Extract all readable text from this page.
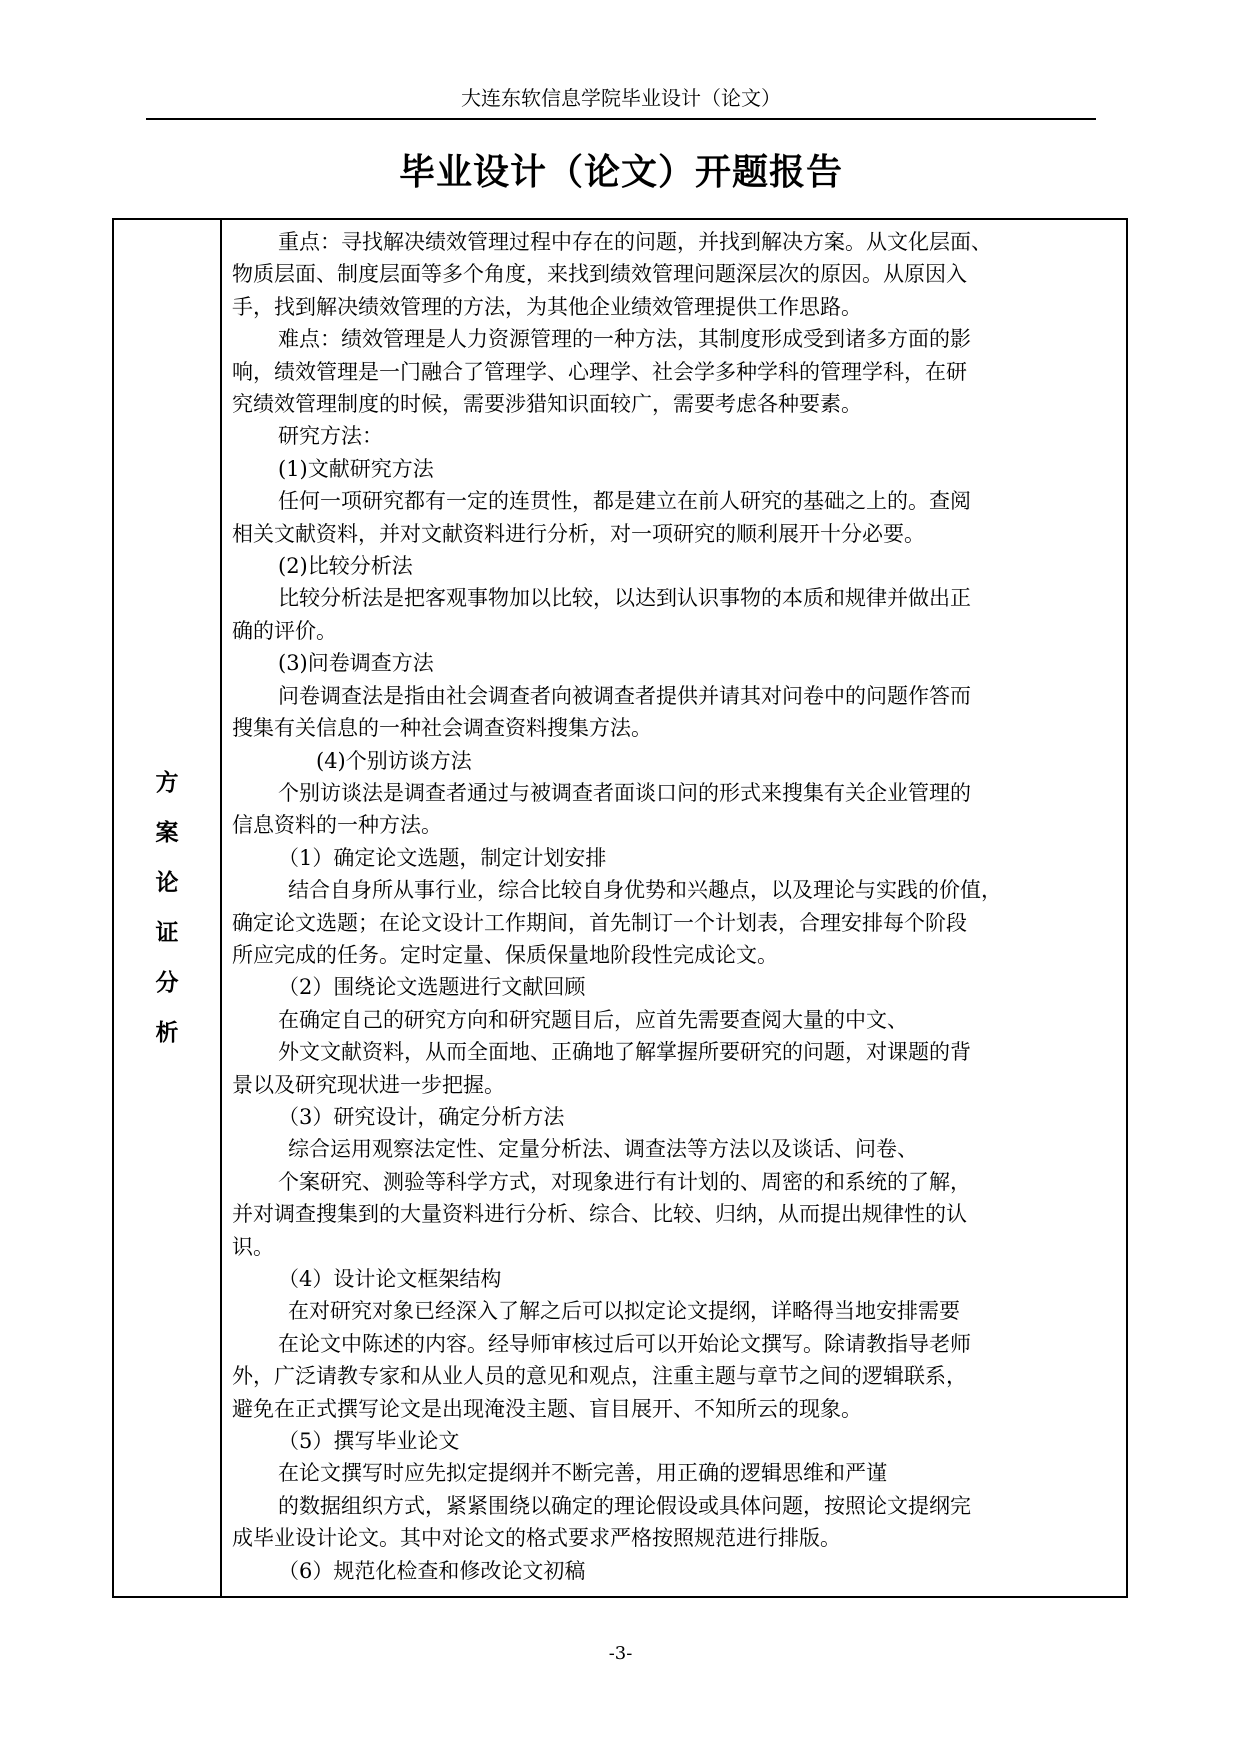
大连东软信息学院毕业设计（论文）
毕业设计（论文）开题报告
方
案
论
证
分
析
重点：寻找解决绩效管理过程中存在的问题，并找到解决方案。从文化层面、
物质层面、制度层面等多个角度，来找到绩效管理问题深层次的原因。从原因入
手，找到解决绩效管理的方法，为其他企业绩效管理提供工作思路。
难点：绩效管理是人力资源管理的一种方法，其制度形成受到诸多方面的影
响，绩效管理是一门融合了管理学、心理学、社会学多种学科的管理学科，在研
究绩效管理制度的时候，需要涉猎知识面较广，需要考虑各种要素。
研究方法：
(1)文献研究方法
任何一项研究都有一定的连贯性，都是建立在前人研究的基础之上的。查阅
相关文献资料，并对文献资料进行分析，对一项研究的顺利展开十分必要。
(2)比较分析法
比较分析法是把客观事物加以比较，以达到认识事物的本质和规律并做出正
确的评价。
(3)问卷调查方法
问卷调查法是指由社会调查者向被调查者提供并请其对问卷中的问题作答而
搜集有关信息的一种社会调查资料搜集方法。
(4)个别访谈方法
个别访谈法是调查者通过与被调查者面谈口问的形式来搜集有关企业管理的
信息资料的一种方法。
（1）确定论文选题，制定计划安排
结合自身所从事行业，综合比较自身优势和兴趣点，以及理论与实践的价值，
确定论文选题；在论文设计工作期间，首先制订一个计划表，合理安排每个阶段
所应完成的任务。定时定量、保质保量地阶段性完成论文。
（2）围绕论文选题进行文献回顾
在确定自己的研究方向和研究题目后，应首先需要查阅大量的中文、
外文文献资料，从而全面地、正确地了解掌握所要研究的问题，对课题的背
景以及研究现状进一步把握。
（3）研究设计，确定分析方法
综合运用观察法定性、定量分析法、调查法等方法以及谈话、问卷、
个案研究、测验等科学方式，对现象进行有计划的、周密的和系统的了解，
并对调查搜集到的大量资料进行分析、综合、比较、归纳，从而提出规律性的认
识。
（4）设计论文框架结构
在对研究对象已经深入了解之后可以拟定论文提纲，详略得当地安排需要
在论文中陈述的内容。经导师审核过后可以开始论文撰写。除请教指导老师
外，广泛请教专家和从业人员的意见和观点，注重主题与章节之间的逻辑联系，
避免在正式撰写论文是出现淹没主题、盲目展开、不知所云的现象。
（5）撰写毕业论文
在论文撰写时应先拟定提纲并不断完善，用正确的逻辑思维和严谨
的数据组织方式，紧紧围绕以确定的理论假设或具体问题，按照论文提纲完
成毕业设计论文。其中对论文的格式要求严格按照规范进行排版。
（6）规范化检查和修改论文初稿
-3-
